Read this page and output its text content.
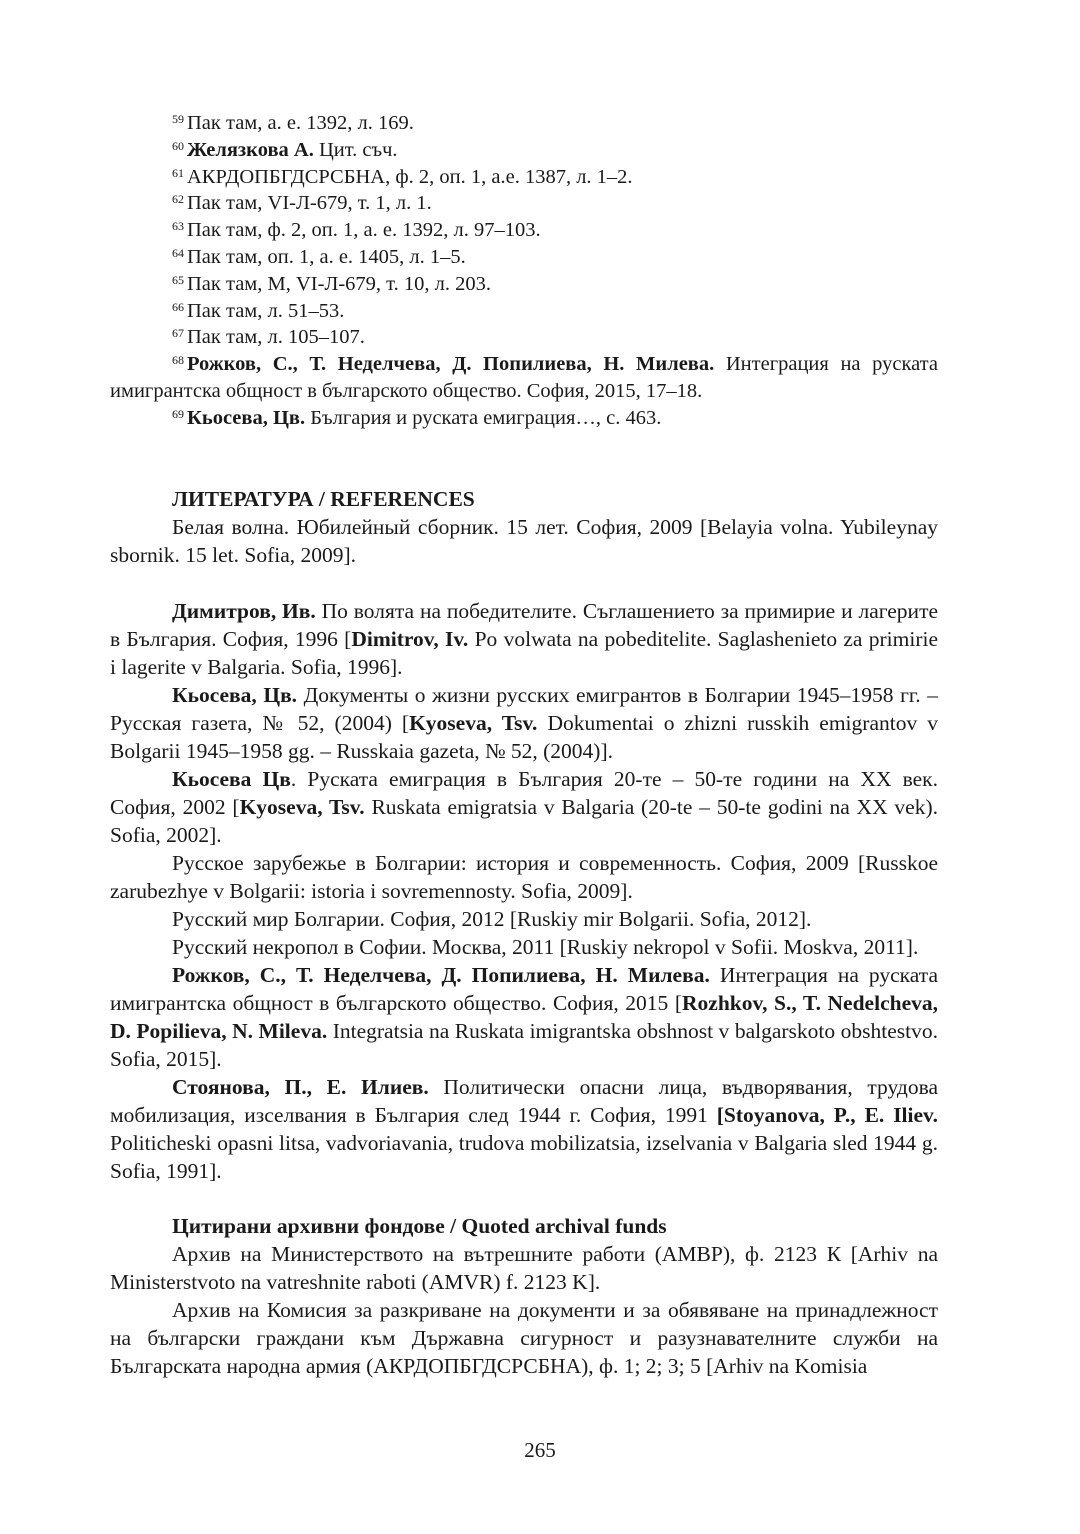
$^{59}$ Пак там, а. е. 1392, л. 169.

$^{60}$ Желязкова А. Цит. съч.

$^{61}$ АКРДОПБГДСРСБНА, ф. 2, оп. 1, а.е. 1387, л. 1–2.

$^{62}$ Пак там, VI-Л-679, т. 1, л. 1.

$^{63}$ Пак там, ф. 2, оп. 1, а. е. 1392, л. 97–103.

$^{64}$ Пак там, оп. 1, а. е. 1405, л. 1–5.

$^{65}$ Пак там, М, VI-Л-679, т. 10, л. 203.

$^{66}$ Пак там, л. 51–53.

$^{67}$ Пак там, л. 105–107.

$^{68}$ Рожков, С., Т. Неделчева, Д. Попилиева, Н. Милева. Интеграция на руската имигрантска общност в българското общество. София, 2015, 17–18.

$^{69}$ Кьосева, Цв. България и руската емиграция…, с. 463.

ЛИТЕРАТУРА / REFERENCES

Белая волна. Юбилейный сборник. 15 лет. София, 2009 [Belayia volna. Yubileynay sbornik. 15 let. Sofia, 2009].

Димитров, Ив. По волята на победителите. Съглашението за примирие и лагерите в България. София, 1996 [Dimitrov, Iv. Po volwata na pobeditelite. Saglashenieto za primirie i lagerite v Balgaria. Sofia, 1996].

Кьосева, Цв. Документы о жизни русских емигрантов в Болгарии 1945–1958 гг. – Русская газета, № 52, (2004) [Kyoseva, Tsv. Dokumentai o zhizni russkih emigrantov v Bolgarii 1945–1958 gg. – Russkaia gazeta, № 52, (2004)].

Кьосева Цв. Руската емиграция в България 20-те – 50-те години на ХХ век. София, 2002 [Kyoseva, Tsv. Ruskata emigratsia v Balgaria (20-te – 50-te godini na XX vek). Sofia, 2002].

Русское зарубежье в Болгарии: история и современность. София, 2009 [Russkoe zarubezhye v Bolgarii: istoria i sovremennosty. Sofia, 2009].

Русский мир Болгарии. София, 2012 [Ruskiy mir Bolgarii. Sofia, 2012].

Русский некропол в Софии. Москва, 2011 [Ruskiy nekropol v Sofii. Moskva, 2011].

Рожков, С., Т. Неделчева, Д. Попилиева, Н. Милева. Интеграция на руската имигрантска общност в българското общество. София, 2015 [Rozhkov, S., T. Nedelcheva, D. Popilieva, N. Mileva. Integratsia na Ruskata imigrantska obshnost v balgarskoto obshtestvo. Sofia, 2015].

Стоянова, П., Е. Илиев. Политически опасни лица, въдворявания, трудова мобилизация, изселвания в България след 1944 г. София, 1991 [Stoyanova, P., E. Iliev. Politicheski opasni litsa, vadvoriavania, trudova mobilizatsia, izselvania v Balgaria sled 1944 g. Sofia, 1991].

Цитирани архивни фондове / Quoted archival funds

Архив на Министерството на вътрешните работи (АМВР), ф. 2123 К [Arhiv na Ministerstvoto na vatreshnite raboti (AMVR) f. 2123 K].

Архив на Комисия за разкриване на документи и за обявяване на принадлежност на български граждани към Държавна сигурност и разузнавателните служби на Българската народна армия (АКРДОПБГДСРСБНА), ф. 1; 2; 3; 5 [Arhiv na Komisia

265
